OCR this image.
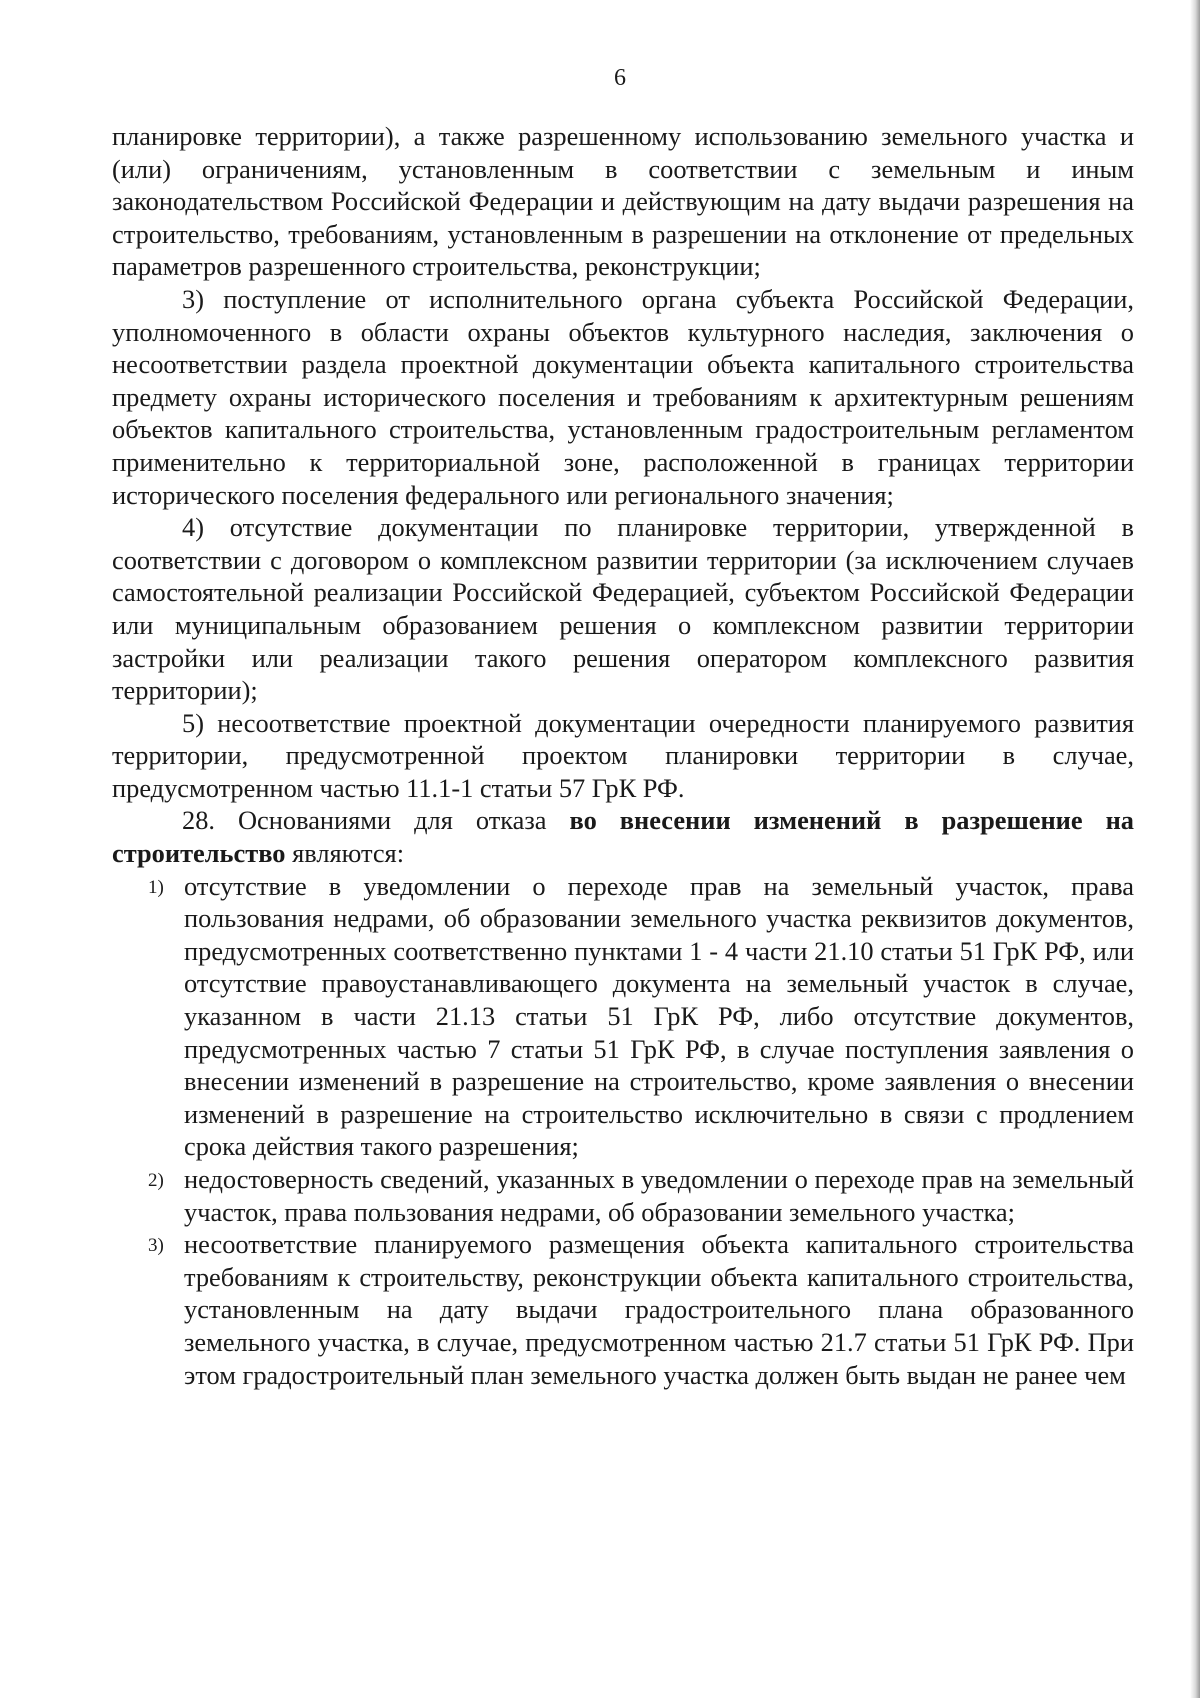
6

планировке территории), а также разрешенному использованию земельного участка и (или) ограничениям, установленным в соответствии с земельным и иным законодательством Российской Федерации и действующим на дату выдачи разрешения на строительство, требованиям, установленным в разрешении на отклонение от предельных параметров разрешенного строительства, реконструкции;

3) поступление от исполнительного органа субъекта Российской Федерации, уполномоченного в области охраны объектов культурного наследия, заключения о несоответствии раздела проектной документации объекта капитального строительства предмету охраны исторического поселения и требованиям к архитектурным решениям объектов капитального строительства, установленным градостроительным регламентом применительно к территориальной зоне, расположенной в границах территории исторического поселения федерального или регионального значения;

4) отсутствие документации по планировке территории, утвержденной в соответствии с договором о комплексном развитии территории (за исключением случаев самостоятельной реализации Российской Федерацией, субъектом Российской Федерации или муниципальным образованием решения о комплексном развитии территории застройки или реализации такого решения оператором комплексного развития территории);

5) несоответствие проектной документации очередности планируемого развития территории, предусмотренной проектом планировки территории в случае, предусмотренном частью 11.1-1 статьи 57 ГрК РФ.

28. Основаниями для отказа во внесении изменений в разрешение на строительство являются:

1) отсутствие в уведомлении о переходе прав на земельный участок, права пользования недрами, об образовании земельного участка реквизитов документов, предусмотренных соответственно пунктами 1 - 4 части 21.10 статьи 51 ГрК РФ, или отсутствие правоустанавливающего документа на земельный участок в случае, указанном в части 21.13 статьи 51 ГрК РФ, либо отсутствие документов, предусмотренных частью 7 статьи 51 ГрК РФ, в случае поступления заявления о внесении изменений в разрешение на строительство, кроме заявления о внесении изменений в разрешение на строительство исключительно в связи с продлением срока действия такого разрешения;
2) недостоверность сведений, указанных в уведомлении о переходе прав на земельный участок, права пользования недрами, об образовании земельного участка;
3) несоответствие планируемого размещения объекта капитального строительства требованиям к строительству, реконструкции объекта капитального строительства, установленным на дату выдачи градостроительного плана образованного земельного участка, в случае, предусмотренном частью 21.7 статьи 51 ГрК РФ. При этом градостроительный план земельного участка должен быть выдан не ранее чем
